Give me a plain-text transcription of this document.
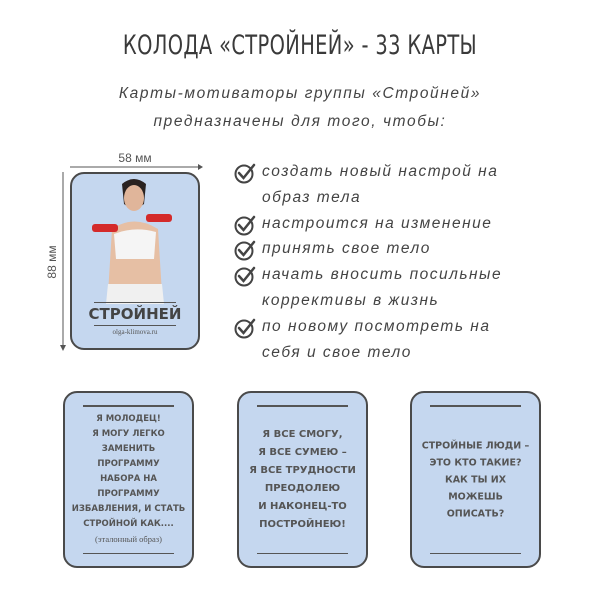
КОЛОДА «СТРОЙНЕЙ» - 33 КАРТЫ
Карты-мотиваторы группы «Стройней»
предназначены для того, чтобы:
58 мм
88 мм
СТРОЙНЕЙ
olga-klimova.ru
создать новый настрой на
образ тела
настроится на изменение
принять свое тело
начать вносить посильные
коррективы в жизнь
по новому посмотреть на
себя и свое тело
Я МОЛОДЕЦ!
Я МОГУ ЛЕГКО
ЗАМЕНИТЬ ПРОГРАММУ
НАБОРА НА ПРОГРАММУ
ИЗБАВЛЕНИЯ, И СТАТЬ
СТРОЙНОЙ КАК....
(эталонный образ)
Я ВСЕ СМОГУ,
Я ВСЕ СУМЕЮ –
Я ВСЕ ТРУДНОСТИ
ПРЕОДОЛЕЮ
И НАКОНЕЦ-ТО
ПОСТРОЙНЕЮ!
СТРОЙНЫЕ ЛЮДИ –
ЭТО КТО ТАКИЕ?
КАК ТЫ ИХ
МОЖЕШЬ ОПИСАТЬ?
